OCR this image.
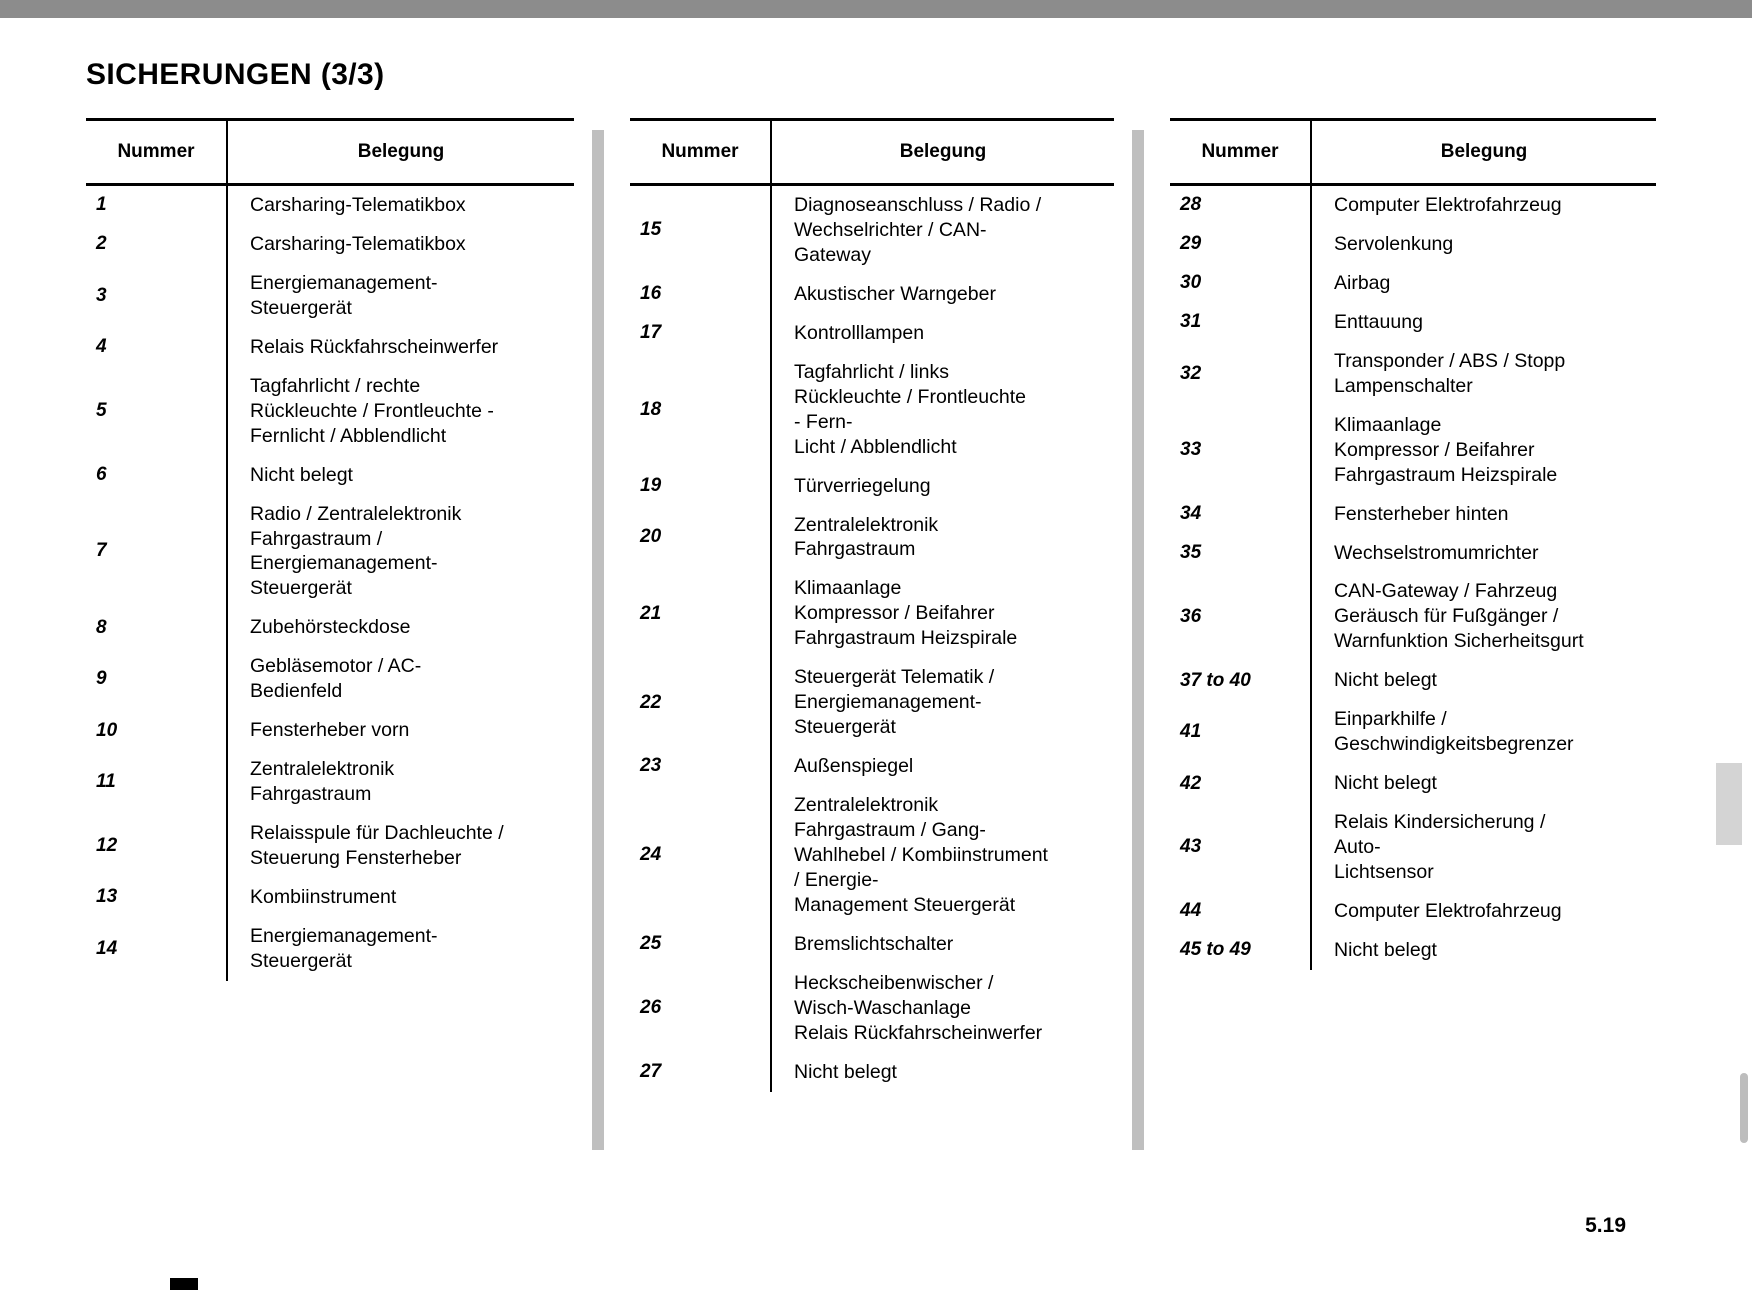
SICHERUNGEN (3/3)
Nummer	Belegung
1	Carsharing-Telematikbox

2	Carsharing-Telematikbox

3	Energiemanagement-
Steuergerät

4	Relais Rückfahrscheinwerfer

5	Tagfahrlicht / rechte
Rückleuchte / Frontleuchte -
Fernlicht / Abblendlicht

6	Nicht belegt

7	Radio / Zentralelektronik
Fahrgastraum /
Energiemanagement-
Steuergerät

8	Zubehörsteckdose

9	Gebläsemotor / AC-
Bedienfeld

10	Fensterheber vorn

11	Zentralelektronik
Fahrgastraum

12	Relaisspule für Dachleuchte /
Steuerung Fensterheber

13	Kombiinstrument

14	Energiemanagement-
Steuergerät
Nummer	Belegung
15	Diagnoseanschluss / Radio /
Wechselrichter / CAN-
Gateway

16	Akustischer Warngeber

17	Kontrolllampen

18	Tagfahrlicht / links
Rückleuchte / Frontleuchte
- Fern-
Licht / Abblendlicht

19	Türverriegelung

20	Zentralelektronik
Fahrgastraum

21	Klimaanlage
Kompressor / Beifahrer
Fahrgastraum Heizspirale

22	Steuergerät Telematik /
Energiemanagement-
Steuergerät

23	Außenspiegel

24	Zentralelektronik
Fahrgastraum / Gang-
Wahlhebel / Kombiinstrument
/ Energie-
Management Steuergerät

25	Bremslichtschalter

26	Heckscheibenwischer /
Wisch-Waschanlage
Relais Rückfahrscheinwerfer

27	Nicht belegt
Nummer	Belegung
28	Computer Elektrofahrzeug

29	Servolenkung

30	Airbag

31	Enttauung

32	Transponder / ABS / Stopp
Lampenschalter

33	Klimaanlage
Kompressor / Beifahrer
Fahrgastraum Heizspirale

34	Fensterheber hinten

35	Wechselstromumrichter

36	CAN-Gateway / Fahrzeug
Geräusch für Fußgänger /
Warnfunktion Sicherheitsgurt

37 to 40	Nicht belegt

41	Einparkhilfe /
Geschwindigkeitsbegrenzer

42	Nicht belegt

43	Relais Kindersicherung /
Auto-
Lichtsensor

44	Computer Elektrofahrzeug

45 to 49	Nicht belegt
5.19
